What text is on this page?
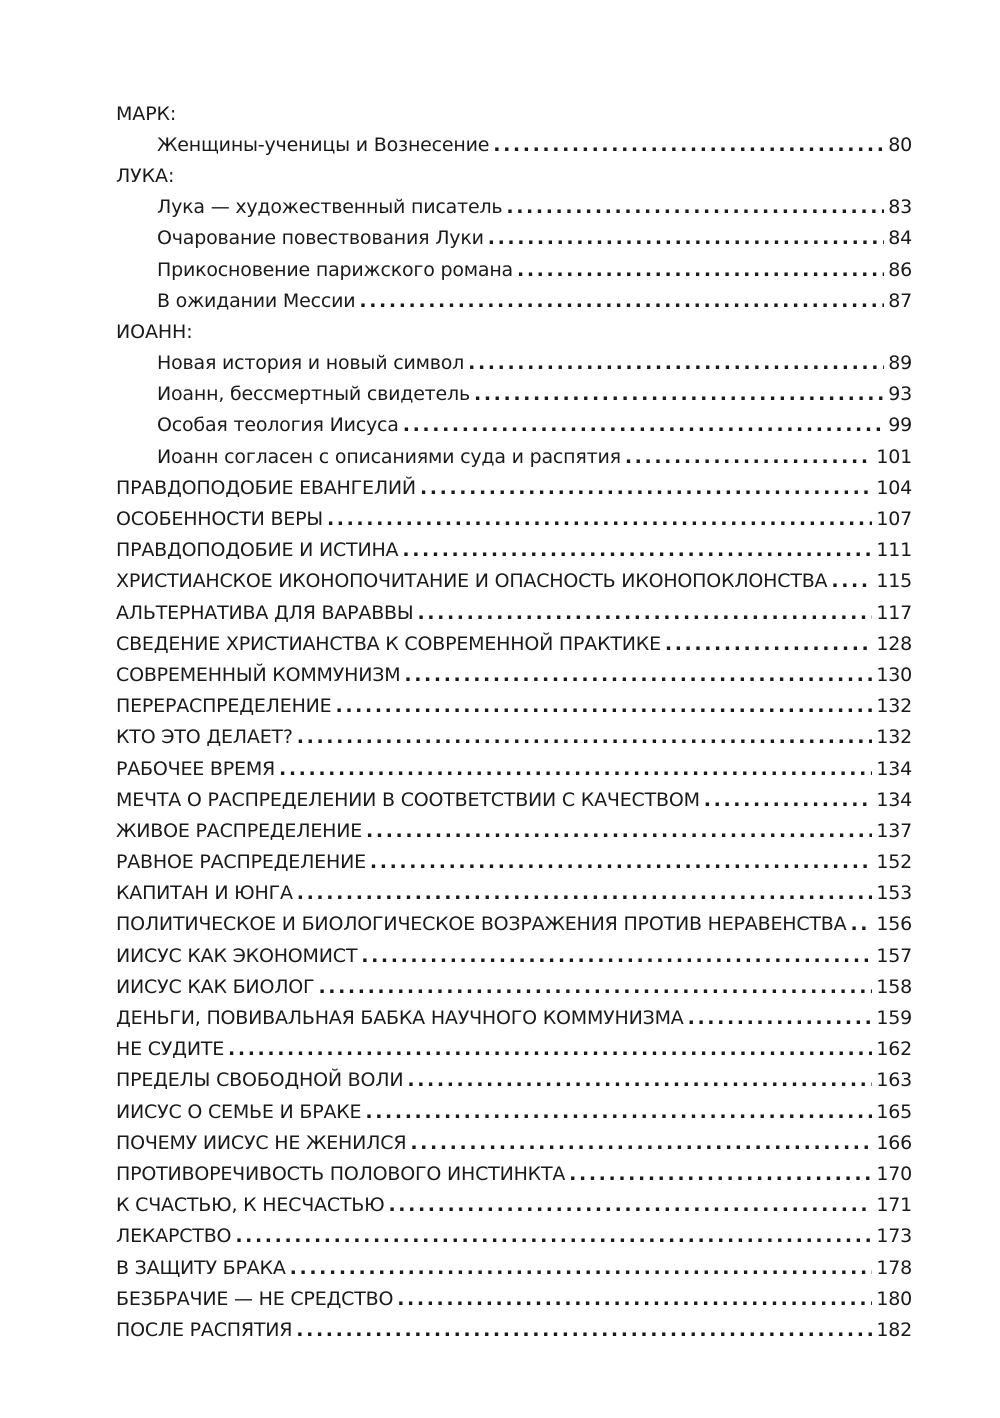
МАРК:
Женщины-ученицы и Вознесение . . .	80
ЛУКА:
Лука — художественный писатель . . .	83
Очарование повествования Луки . . .	84
Прикосновение парижского романа . . .	86
В ожидании Мессии . . .	87
ИОАНН:
Новая история и новый символ . . .	89
Иоанн, бессмертный свидетель . . .	93
Особая теология Иисуса . . .	99
Иоанн согласен с описаниями суда и распятия . . .	101
ПРАВДОПОДОБИЕ ЕВАНГЕЛИЙ . . .	104
ОСОБЕННОСТИ ВЕРЫ . . .	107
ПРАВДОПОДОБИЕ И ИСТИНА . . .	111
ХРИСТИАНСКОЕ ИКОНОПОЧИТАНИЕ И ОПАСНОСТЬ ИКОНОПОКЛОНСТВА . . .	115
АЛЬТЕРНАТИВА ДЛЯ ВАРАВВЫ . . .	117
СВЕДЕНИЕ ХРИСТИАНСТВА К СОВРЕМЕННОЙ ПРАКТИКЕ . . .	128
СОВРЕМЕННЫЙ КОММУНИЗМ . . .	130
ПЕРЕРАСПРЕДЕЛЕНИЕ . . .	132
КТО ЭТО ДЕЛАЕТ? . . .	132
РАБОЧЕЕ ВРЕМЯ . . .	134
МЕЧТА О РАСПРЕДЕЛЕНИИ В СООТВЕТСТВИИ С КАЧЕСТВОМ . . .	134
ЖИВОЕ РАСПРЕДЕЛЕНИЕ . . .	137
РАВНОЕ РАСПРЕДЕЛЕНИЕ . . .	152
КАПИТАН И ЮНГА . . .	153
ПОЛИТИЧЕСКОЕ И БИОЛОГИЧЕСКОЕ ВОЗРАЖЕНИЯ ПРОТИВ НЕРАВЕНСТВА . . . 156
ИИСУС КАК ЭКОНОМИСТ . . .	157
ИИСУС КАК БИОЛОГ . . .	158
ДЕНЬГИ, ПОВИВАЛЬНАЯ БАБКА НАУЧНОГО КОММУНИЗМА . . .	159
НЕ СУДИТЕ . . .	162
ПРЕДЕЛЫ СВОБОДНОЙ ВОЛИ . . .	163
ИИСУС О СЕМЬЕ И БРАКЕ . . .	165
ПОЧЕМУ ИИСУС НЕ ЖЕНИЛСЯ . . .	166
ПРОТИВОРЕЧИВОСТЬ ПОЛОВОГО ИНСТИНКТА . . .	170
К СЧАСТЬЮ, К НЕСЧАСТЬЮ . . .	171
ЛЕКАРСТВО . . .	173
В ЗАЩИТУ БРАКА . . .	178
БЕЗБРАЧИЕ — НЕ СРЕДСТВО . . .	180
ПОСЛЕ РАСПЯТИЯ . . .	182
